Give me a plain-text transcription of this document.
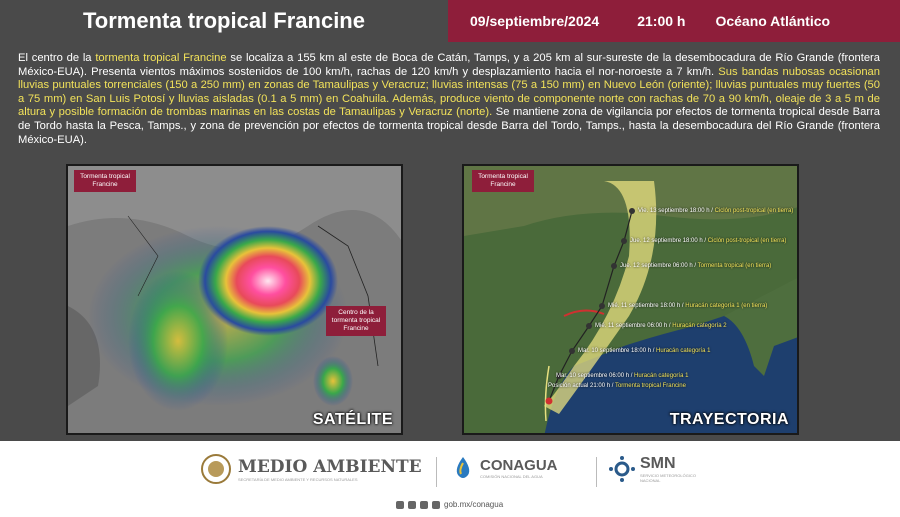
Tormenta tropical Francine	09/septiembre/2024	21:00 h Océano Atlántico
El centro de la tormenta tropical Francine se localiza a 155 km al este de Boca de Catán, Tamps, y a 205 km al sur-sureste de la desembocadura de Río Grande (frontera México-EUA). Presenta vientos máximos sostenidos de 100 km/h, rachas de 120 km/h y desplazamiento hacia el nor-noroeste a 7 km/h. Sus bandas nubosas ocasionan lluvias puntuales torrenciales (150 a 250 mm) en zonas de Tamaulipas y Veracruz; lluvias intensas (75 a 150 mm) en Nuevo León (oriente); lluvias puntuales muy fuertes (50 a 75 mm) en San Luis Potosí y lluvias aisladas (0.1 a 5 mm) en Coahuila. Además, produce viento de componente norte con rachas de 70 a 90 km/h, oleaje de 3 a 5 m de altura y posible formación de trombas marinas en las costas de Tamaulipas y Veracruz (norte). Se mantiene zona de vigilancia por efectos de tormenta tropical desde Barra de Tordo hasta la Pesca, Tamps., y zona de prevención por efectos de tormenta tropical desde Barra del Tordo, Tamps., hasta la desembocadura del Río Grande (frontera México-EUA).
Tormenta tropical Francine
Centro de la tormenta tropical Francine
SATÉLITE
Tormenta tropical Francine
Vie. 13 septiembre 18:00 h / Ciclón post-tropical (en tierra)
Jue. 12 septiembre 18:00 h / Ciclón post-tropical (en tierra)
Jue. 12 septiembre 06:00 h / Tormenta tropical (en tierra)
Mié. 11 septiembre 18:00 h / Huracán categoría 1 (en tierra)
Mié. 11 septiembre 06:00 h / Huracán categoría 2
Mar. 10 septiembre 18:00 h / Huracán categoría 1
Mar. 10 septiembre 06:00 h / Huracán categoría 1
Posición actual 21:00 h / Tormenta tropical Francine
TRAYECTORIA
MEDIO AMBIENTE
SECRETARÍA DE MEDIO AMBIENTE Y RECURSOS NATURALES
CONAGUA
COMISIÓN NACIONAL DEL AGUA
SMN
SERVICIO METEOROLÓGICO NACIONAL
gob.mx/conagua
